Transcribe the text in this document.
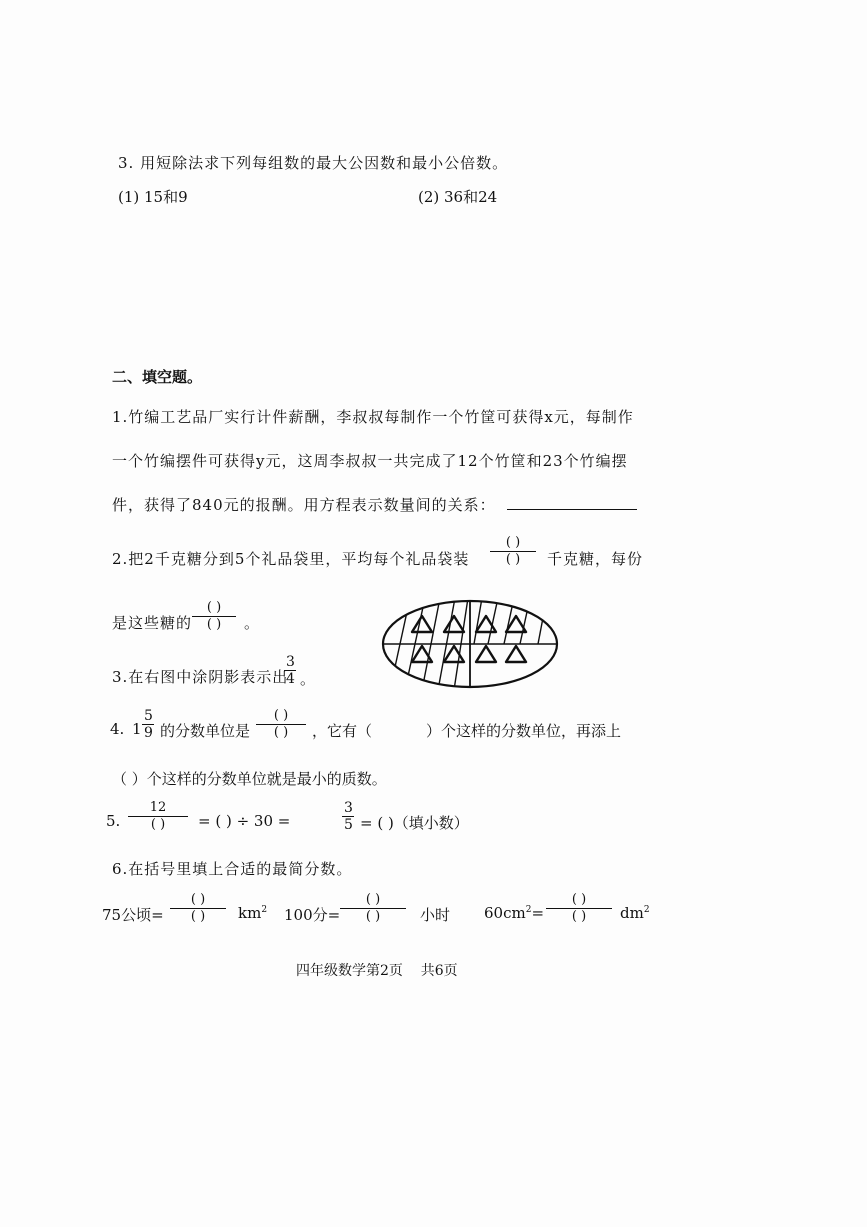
3. 用短除法求下列每组数的最大公因数和最小公倍数。
(1) 15和9	(2) 36和24
二、填空题。
1.竹编工艺品厂实行计件薪酬，李叔叔每制作一个竹筐可获得x元，每制作
一个竹编摆件可获得y元，这周李叔叔一共完成了12个竹筐和23个竹编摆
件，获得了840元的报酬。用方程表示数量间的关系：
2.把2千克糖分到5个礼品袋里，平均每个礼品袋装
( )
( ) 千克糖，每份
是这些糖的
( )
( ) 。
3.在右图中涂阴影表示出
3
4 。
4. 1
5
9 的分数单位是
( )
( ) ，它有（	）个这样的分数单位，再添上
（ ）个这样的分数单位就是最小的质数。
5.
12
( ) = ( ) ÷ 30 =
3
5 = ( )（填小数）
6.在括号里填上合适的最简分数。
75公顷=
( )
( ) $km^2$ 100分=
( )
( )	小时 $60cm^2=$
( )
( ) $dm^2$
四年级数学第2页    共6页
